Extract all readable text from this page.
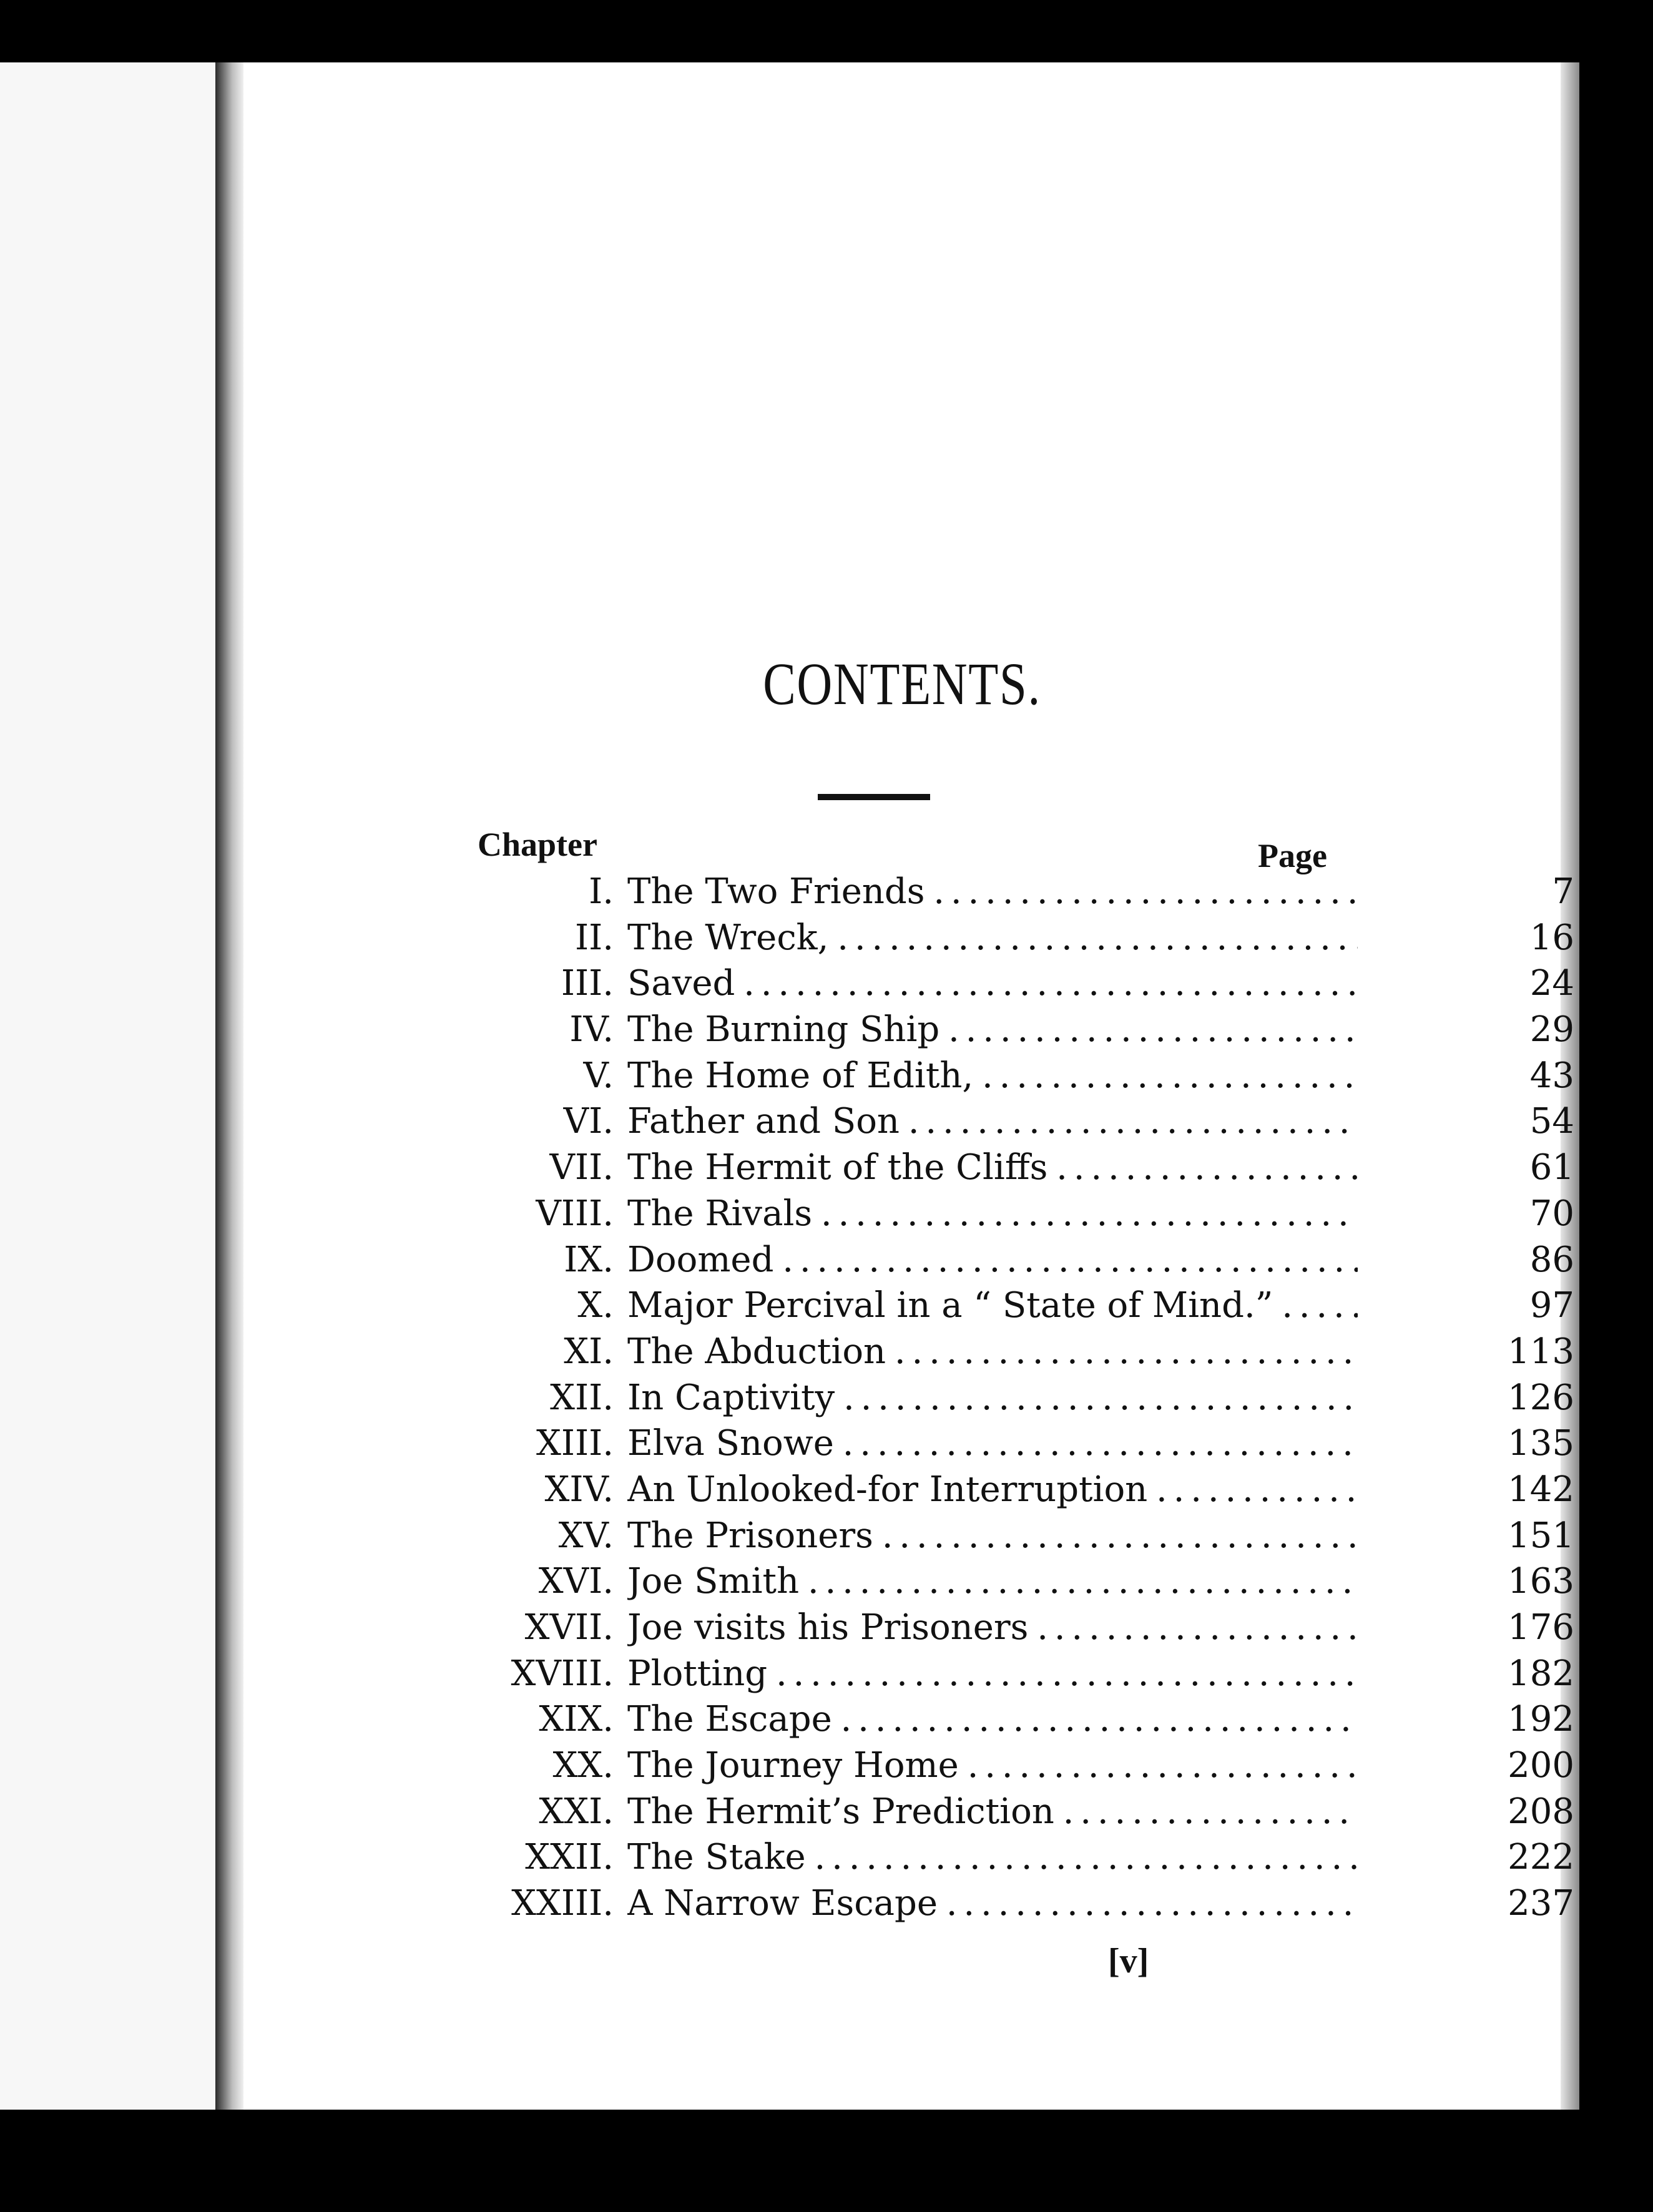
CONTENTS.
Chapter	Page
I. The Two Friends . . .	7
II. The Wreck, . . .	16
III. Saved . . .	24
IV. The Burning Ship . . .	29
V. The Home of Edith, . . .	43
VI. Father and Son . . .	54
VII. The Hermit of the Cliffs . . .	61
VIII. The Rivals . . .	70
IX. Doomed . . .	86
X. Major Percival in a “ State of Mind.” . . .	97
XI. The Abduction . . .	113
XII. In Captivity . . .	126
XIII. Elva Snowe . . .	135
XIV. An Unlooked-for Interruption . . .	142
XV. The Prisoners . . .	151
XVI. Joe Smith . . .	163
XVII. Joe visits his Prisoners . . .	176
XVIII. Plotting . . .	182
XIX. The Escape . . .	192
XX. The Journey Home . . .	200
XXI. The Hermit’s Prediction . . .	208
XXII. The Stake . . .	222
XXIII. A Narrow Escape . . .	237
[v]
